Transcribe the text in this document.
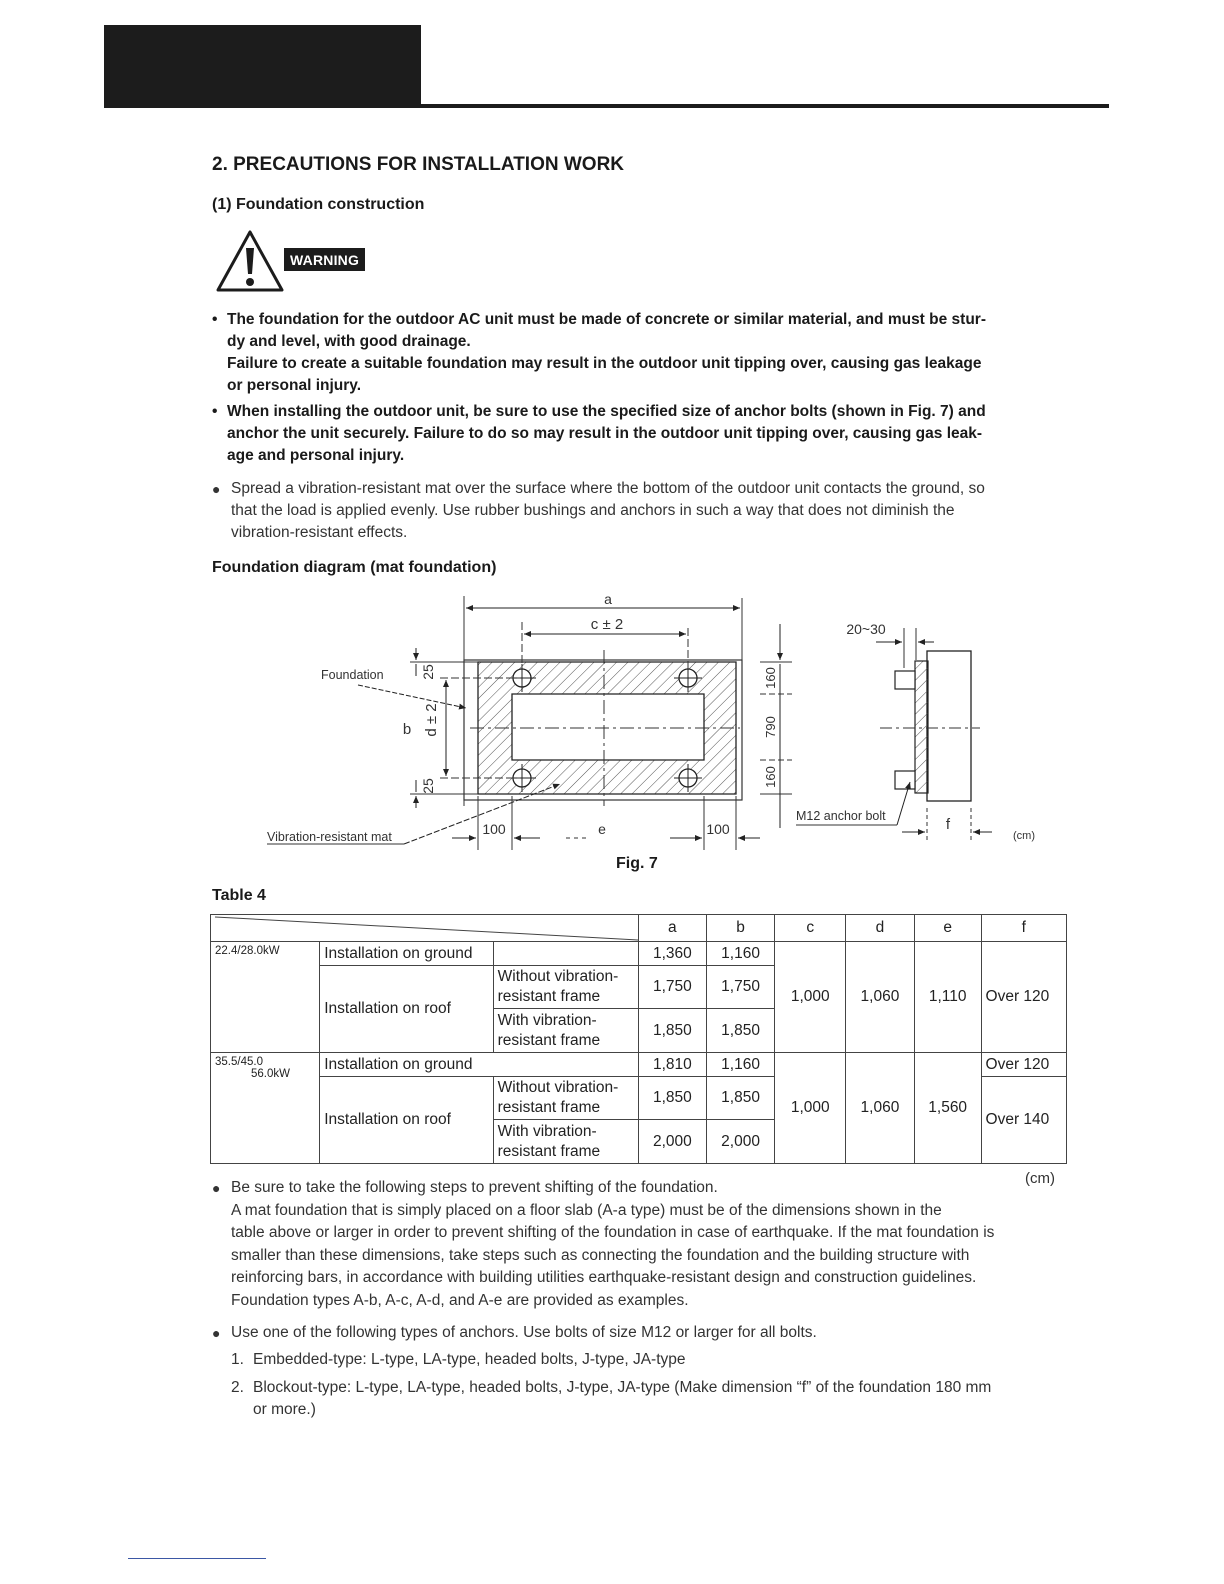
2. PRECAUTIONS FOR INSTALLATION WORK
(1) Foundation construction
WARNING
• The foundation for the outdoor AC unit must be made of concrete or similar material, and must be stur-
dy and level, with good drainage.
Failure to create a suitable foundation may result in the outdoor unit tipping over, causing gas leakage
or personal injury.
• When installing the outdoor unit, be sure to use the specified size of anchor bolts (shown in Fig. 7) and
anchor the unit securely. Failure to do so may result in the outdoor unit tipping over, causing gas leak-
age and personal injury.
● Spread a vibration-resistant mat over the surface where the bottom of the outdoor unit contacts the ground, so
that the load is applied evenly. Use rubber bushings and anchors in such a way that does not diminish the
vibration-resistant effects.
Foundation diagram (mat foundation)
a
c ± 2
25
25
d ± 2
b
Foundation
Vibration-resistant mat	100	100
e
160
790
160
20~30
M12 anchor bolt	f
(cm)
Fig. 7
Table 4
	a	b	c	d	e	f
22.4/28.0kW	Installation on ground		1,360	1,160	1,000	1,060	1,110	Over 120
	Installation on roof	Without vibration-
resistant frame	1,750	1,750				

		With vibration-
resistant frame	1,850	1,850				

35.5/45.0
56.0kW	Installation on ground		1,810	1,160	1,000	1,060	1,560	Over 120
	Installation on roof	Without vibration-
resistant frame	1,850	1,850				Over 140

		With vibration-
resistant frame	2,000	2,000				
(cm)
● Be sure to take the following steps to prevent shifting of the foundation.
A mat foundation that is simply placed on a floor slab (A-a type) must be of the dimensions shown in the
table above or larger in order to prevent shifting of the foundation in case of earthquake. If the mat foundation is
smaller than these dimensions, take steps such as connecting the foundation and the building structure with
reinforcing bars, in accordance with building utilities earthquake-resistant design and construction guidelines.
Foundation types A-b, A-c, A-d, and A-e are provided as examples.
● Use one of the following types of anchors. Use bolts of size M12 or larger for all bolts.
1. Embedded-type: L-type, LA-type, headed bolts, J-type, JA-type
2. Blockout-type: L-type, LA-type, headed bolts, J-type, JA-type (Make dimension “f” of the foundation 180 mm
or more.)
